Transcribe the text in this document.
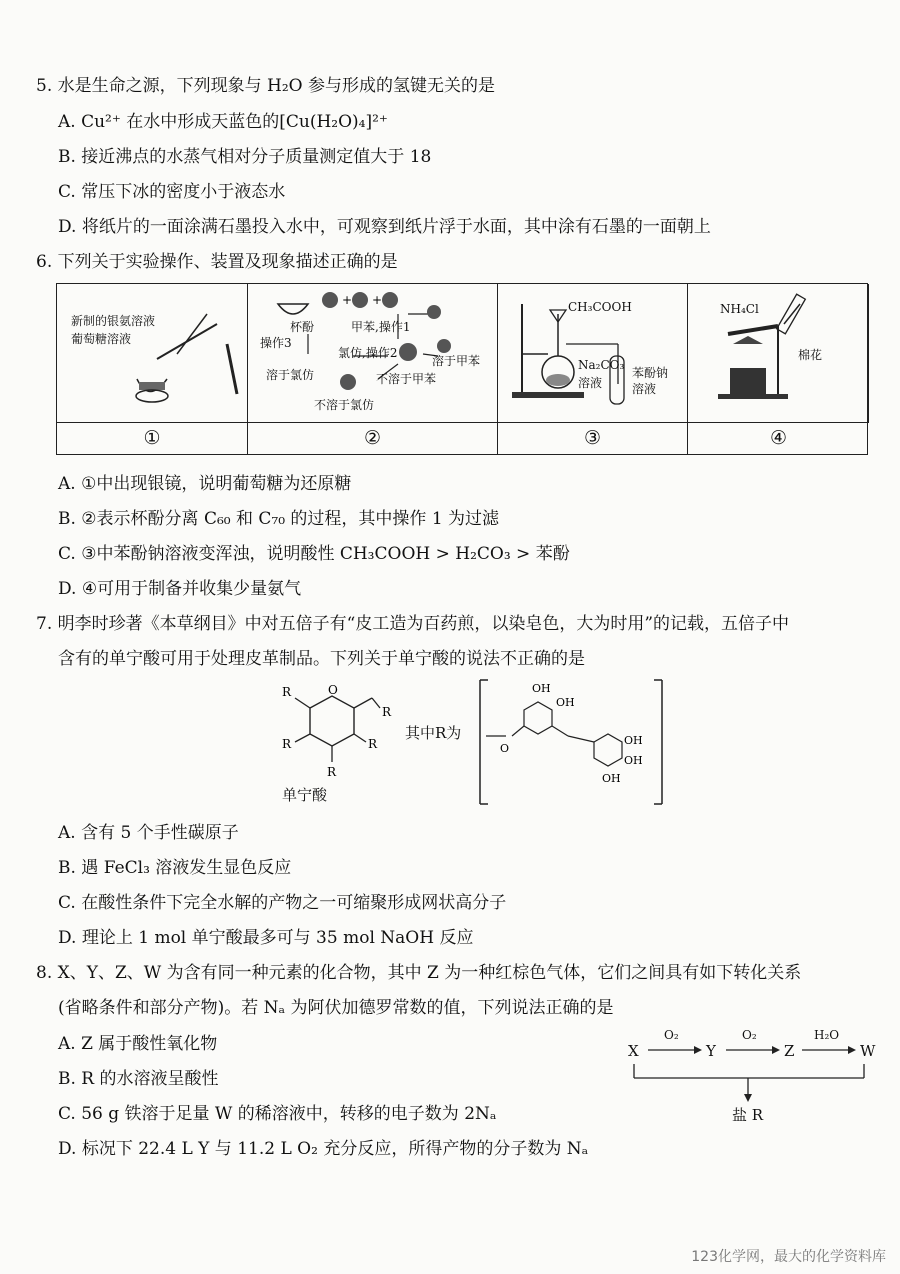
5. 水是生命之源，下列现象与 H₂O 参与形成的氢键无关的是
A. Cu²⁺ 在水中形成天蓝色的[Cu(H₂O)₄]²⁺
B. 接近沸点的水蒸气相对分子质量测定值大于 18
C. 常压下冰的密度小于液态水
D. 将纸片的一面涂满石墨投入水中，可观察到纸片浮于水面，其中涂有石墨的一面朝上
6. 下列关于实验操作、装置及现象描述正确的是
新制的银氨溶液
葡萄糖溶液
+ +
杯酚	甲苯,操作1
操作3
氯仿,操作2
溶于甲苯
溶于氯仿	不溶于甲苯
不溶于氯仿
CH₃COOH
Na₂CO₃
溶液
苯酚钠
溶液
NH₄Cl
棉花
①	②	③	④
A. ①中出现银镜，说明葡萄糖为还原糖
B. ②表示杯酚分离 C₆₀ 和 C₇₀ 的过程，其中操作 1 为过滤
C. ③中苯酚钠溶液变浑浊，说明酸性 CH₃COOH > H₂CO₃ > 苯酚
D. ④可用于制备并收集少量氨气
7. 明李时珍著《本草纲目》中对五倍子有“皮工造为百药煎，以染皂色，大为时用”的记载，五倍子中
含有的单宁酸可用于处理皮革制品。下列关于单宁酸的说法不正确的是
O
R
R
R
R
R
单宁酸
其中R为
OH
OH
O
OH
OH
OH
A. 含有 5 个手性碳原子
B. 遇 FeCl₃ 溶液发生显色反应
C. 在酸性条件下完全水解的产物之一可缩聚形成网状高分子
D. 理论上 1 mol 单宁酸最多可与 35 mol NaOH 反应
8. X、Y、Z、W 为含有同一种元素的化合物，其中 Z 为一种红棕色气体，它们之间具有如下转化关系
(省略条件和部分产物)。若 Nₐ 为阿伏加德罗常数的值，下列说法正确的是
A. Z 属于酸性氧化物
B. R 的水溶液呈酸性
C. 56 g 铁溶于足量 W 的稀溶液中，转移的电子数为 2Nₐ
D. 标况下 22.4 L Y 与 11.2 L O₂ 充分反应，所得产物的分子数为 Nₐ
X	Y	Z	W
O₂	O₂	H₂O
盐 R
123化学网，最大的化学资料库
